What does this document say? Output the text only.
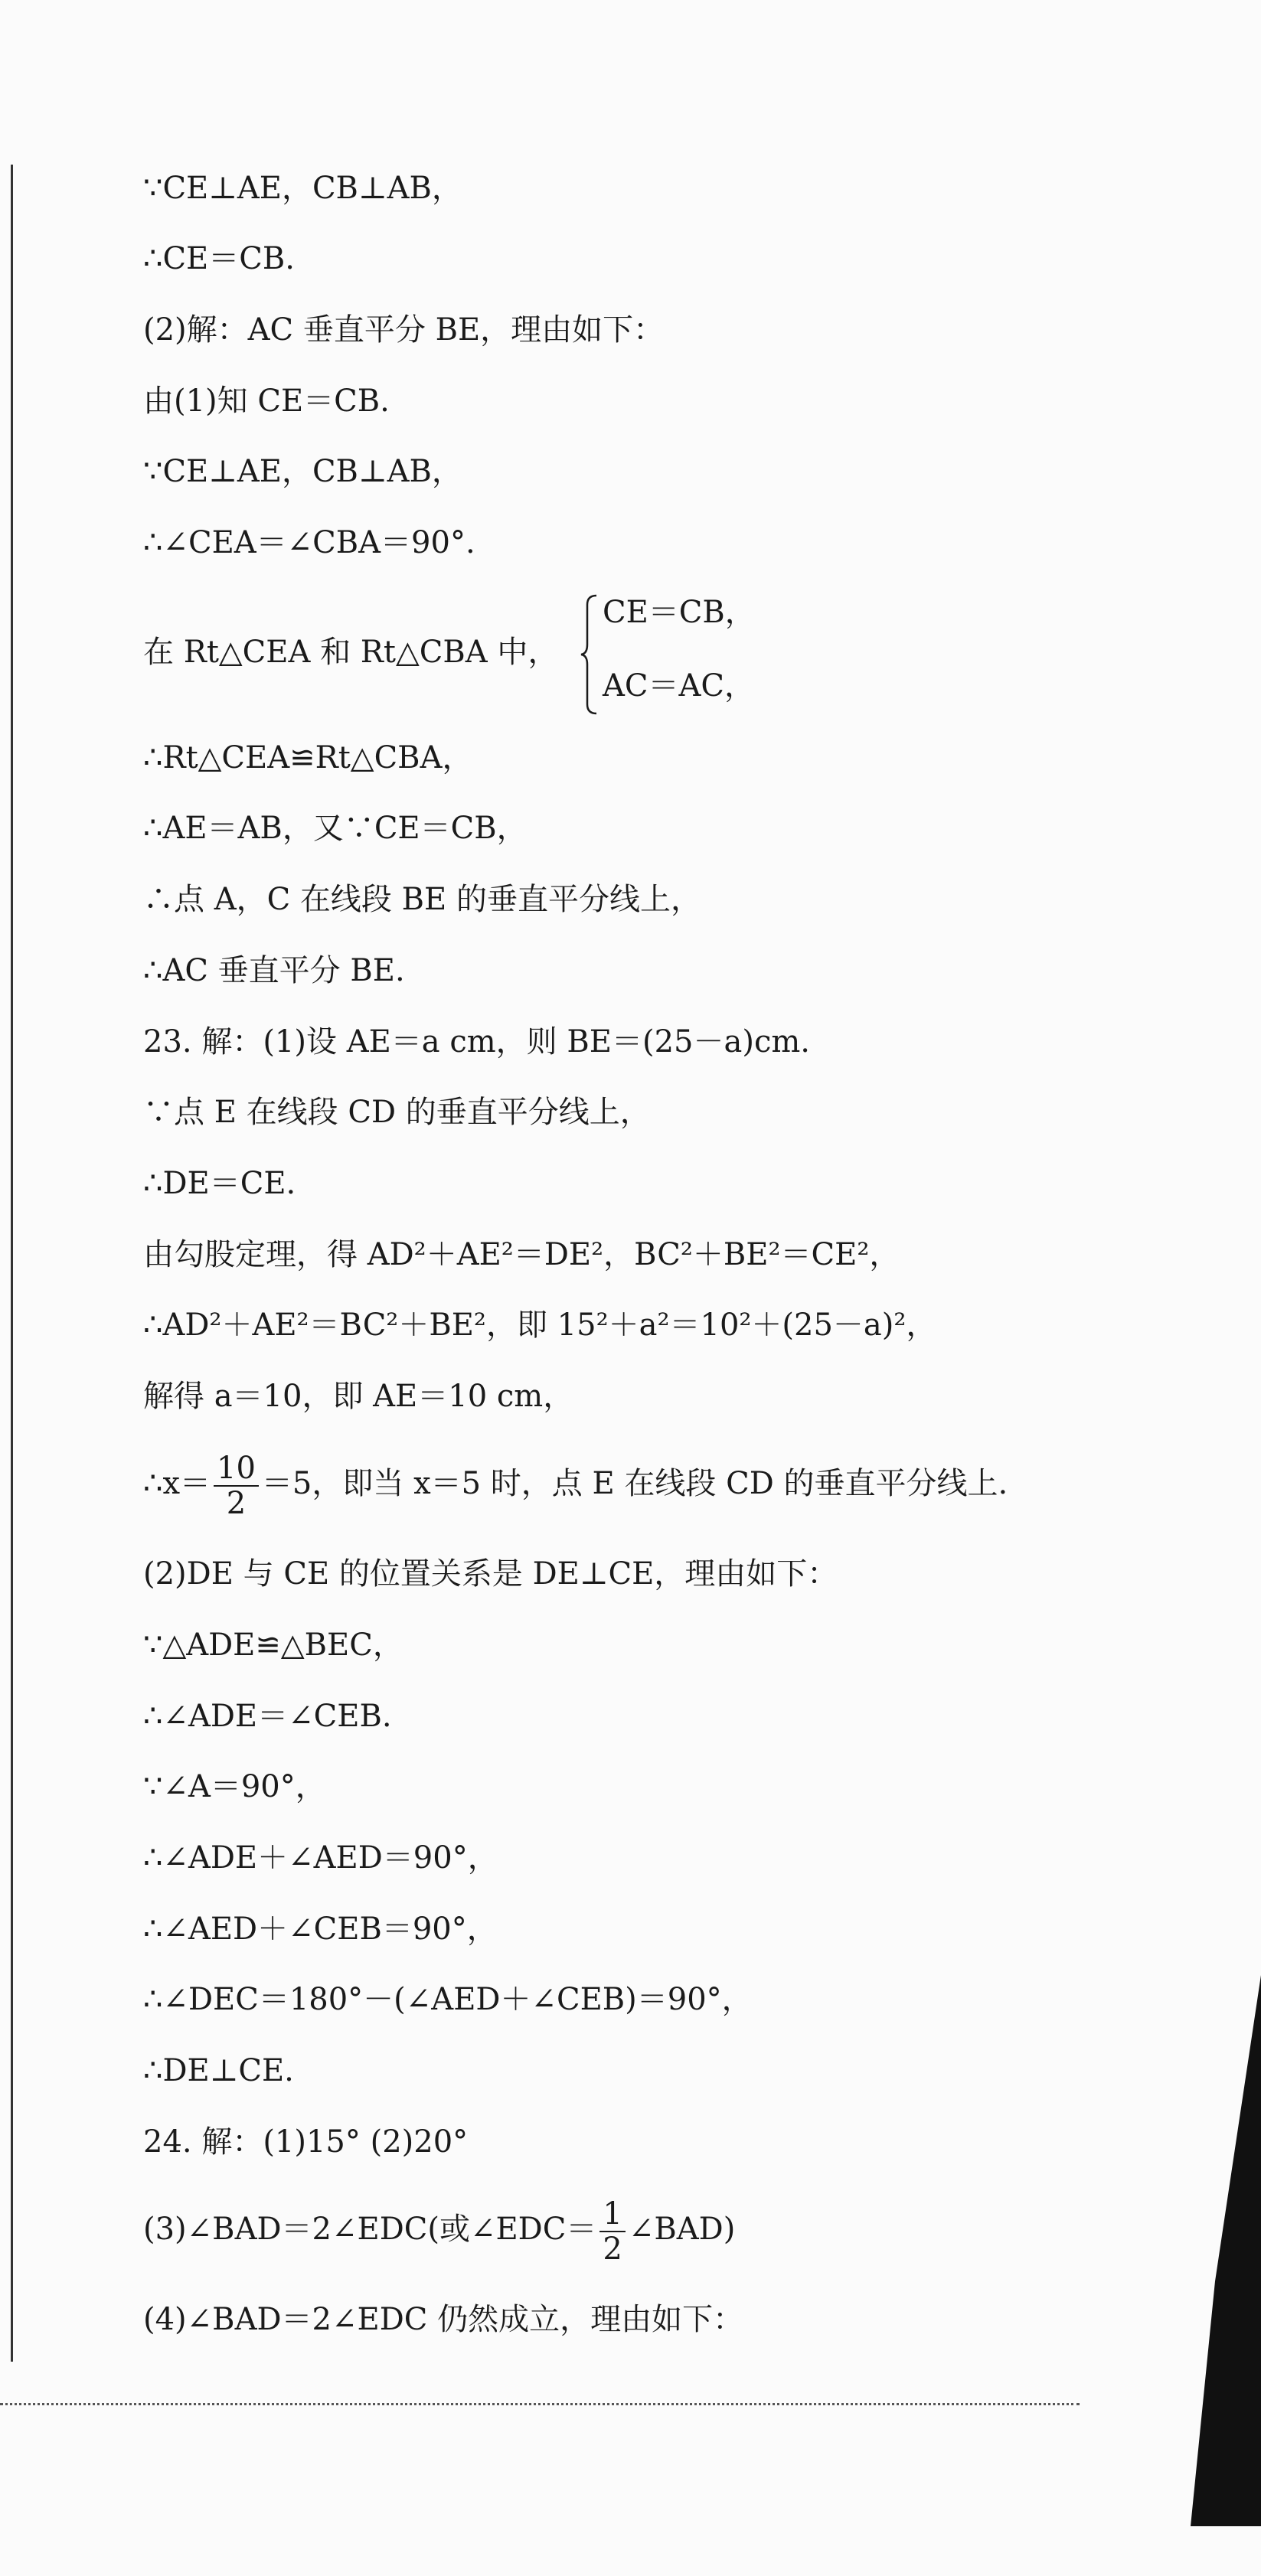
∵CE⊥AE，CB⊥AB，

∴CE＝CB.

(2)解：AC 垂直平分 BE，理由如下：

由(1)知 CE＝CB.

∵CE⊥AE，CB⊥AB，

∴∠CEA＝∠CBA＝90°.

在 Rt△CEA 和 Rt△CBA 中，
CE＝CB，
AC＝AC，

∴Rt△CEA≌Rt△CBA，

∴AE＝AB，又∵CE＝CB，

∴点 A，C 在线段 BE 的垂直平分线上，

∴AC 垂直平分 BE.

23. 解：(1)设 AE＝a cm，则 BE＝(25－a)cm.

∵点 E 在线段 CD 的垂直平分线上，

∴DE＝CE.

由勾股定理，得 AD²＋AE²＝DE²，BC²＋BE²＝CE²，

∴AD²＋AE²＝BC²＋BE²，即 15²＋a²＝10²＋(25－a)²，

解得 a＝10，即 AE＝10 cm，

∴x＝ $\frac{10}{2} =5$，即当 x＝5 时，点 E 在线段 CD 的垂直平分线上.

(2)DE 与 CE 的位置关系是 DE⊥CE，理由如下：

∵△ADE≌△BEC，

∴∠ADE＝∠CEB.

∵∠A＝90°，

∴∠ADE＋∠AED＝90°，

∴∠AED＋∠CEB＝90°，

∴∠DEC＝180°－(∠AED＋∠CEB)＝90°，

∴DE⊥CE.

24. 解：(1)15° (2)20°

(3)∠BAD＝2∠EDC(或∠EDC＝ $\frac{1}{2}$ ∠BAD)

(4)∠BAD＝2∠EDC 仍然成立，理由如下：
